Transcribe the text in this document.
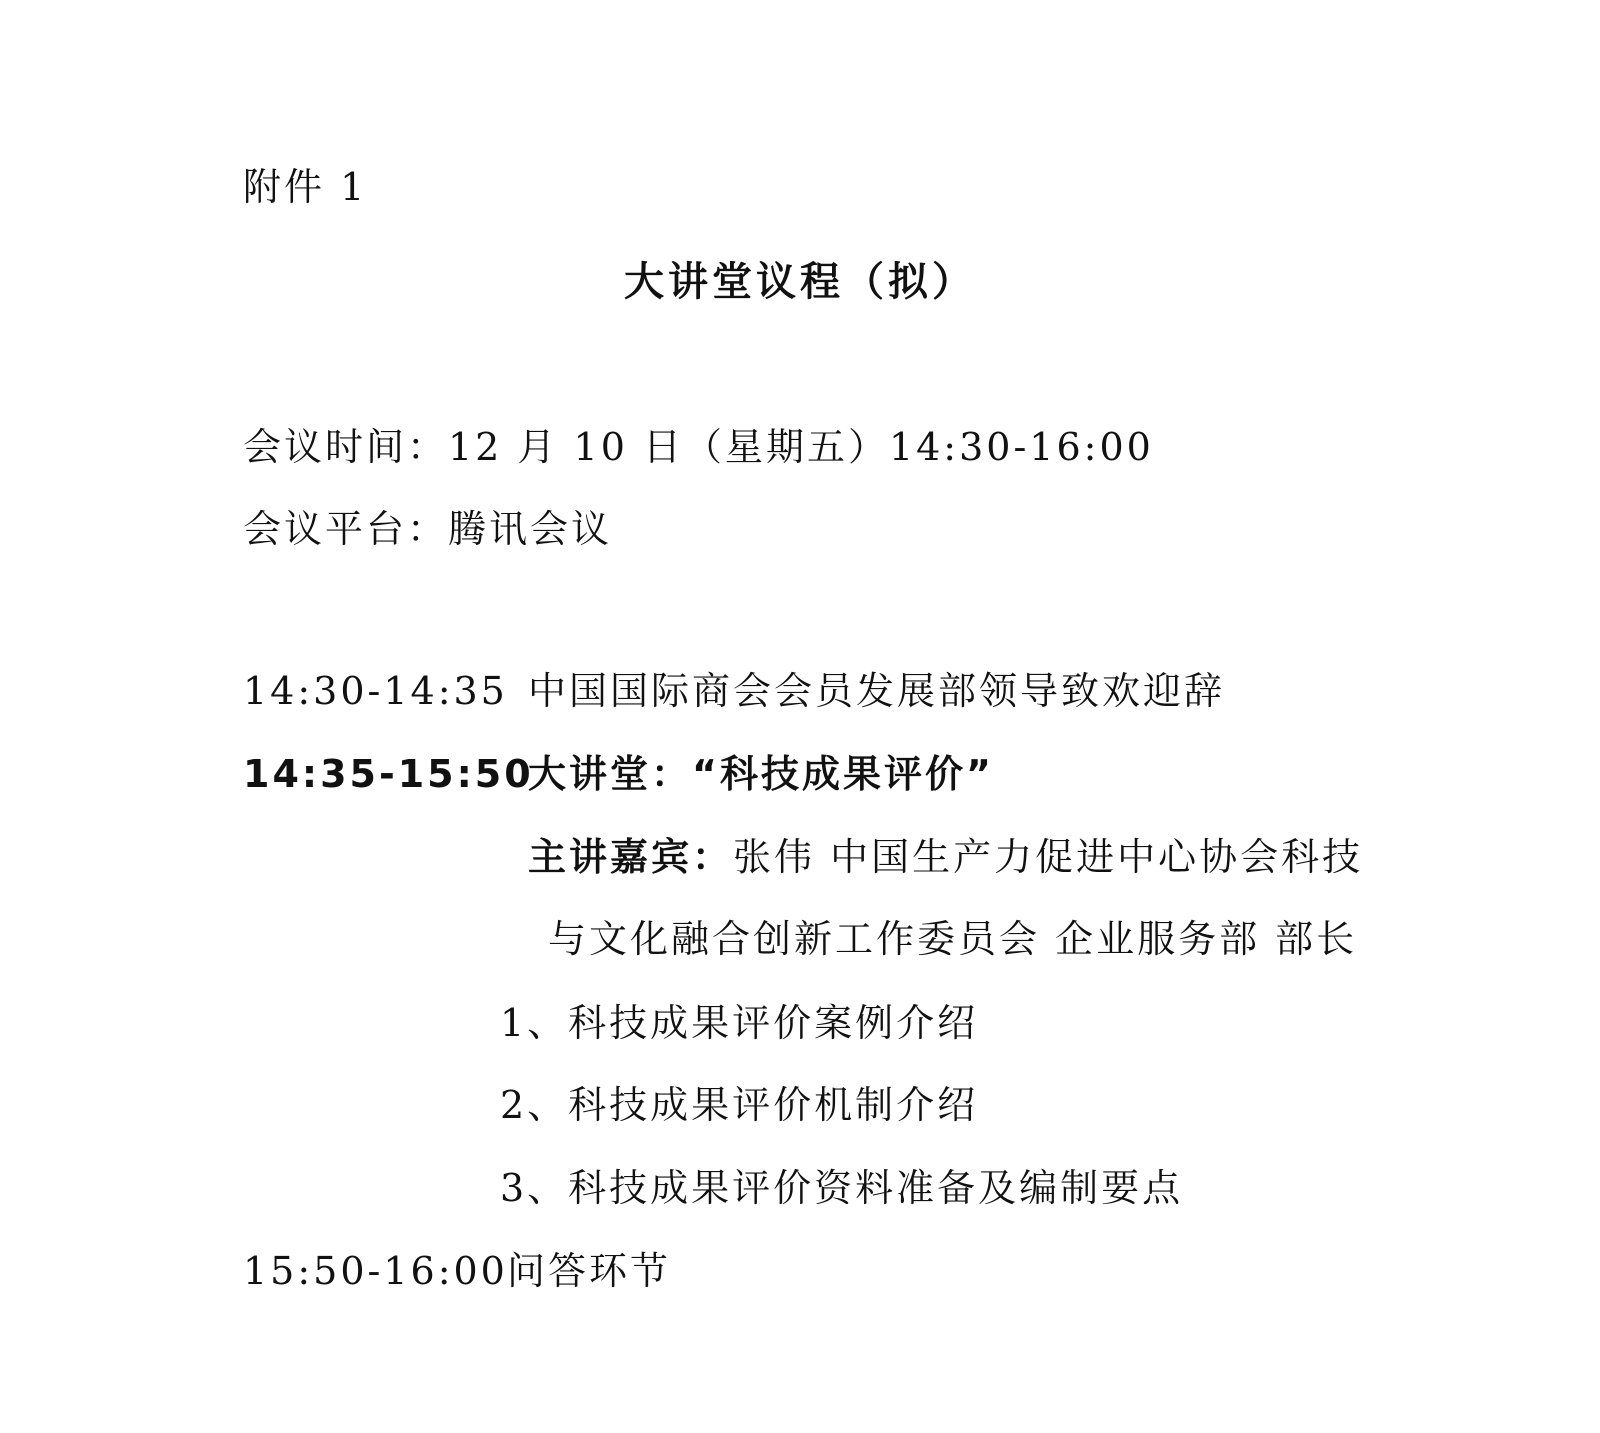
附件 1
大讲堂议程（拟）
会议时间：12 月 10 日（星期五）14:30-16:00
会议平台：腾讯会议
14:30-14:35 中国国际商会会员发展部领导致欢迎辞
14:35-15:50
大讲堂：“科技成果评价”
主讲嘉宾：张伟 中国生产力促进中心协会科技
与文化融合创新工作委员会 企业服务部 部长
1、科技成果评价案例介绍
2、科技成果评价机制介绍
3、科技成果评价资料准备及编制要点
15:50-16:00 问答环节
